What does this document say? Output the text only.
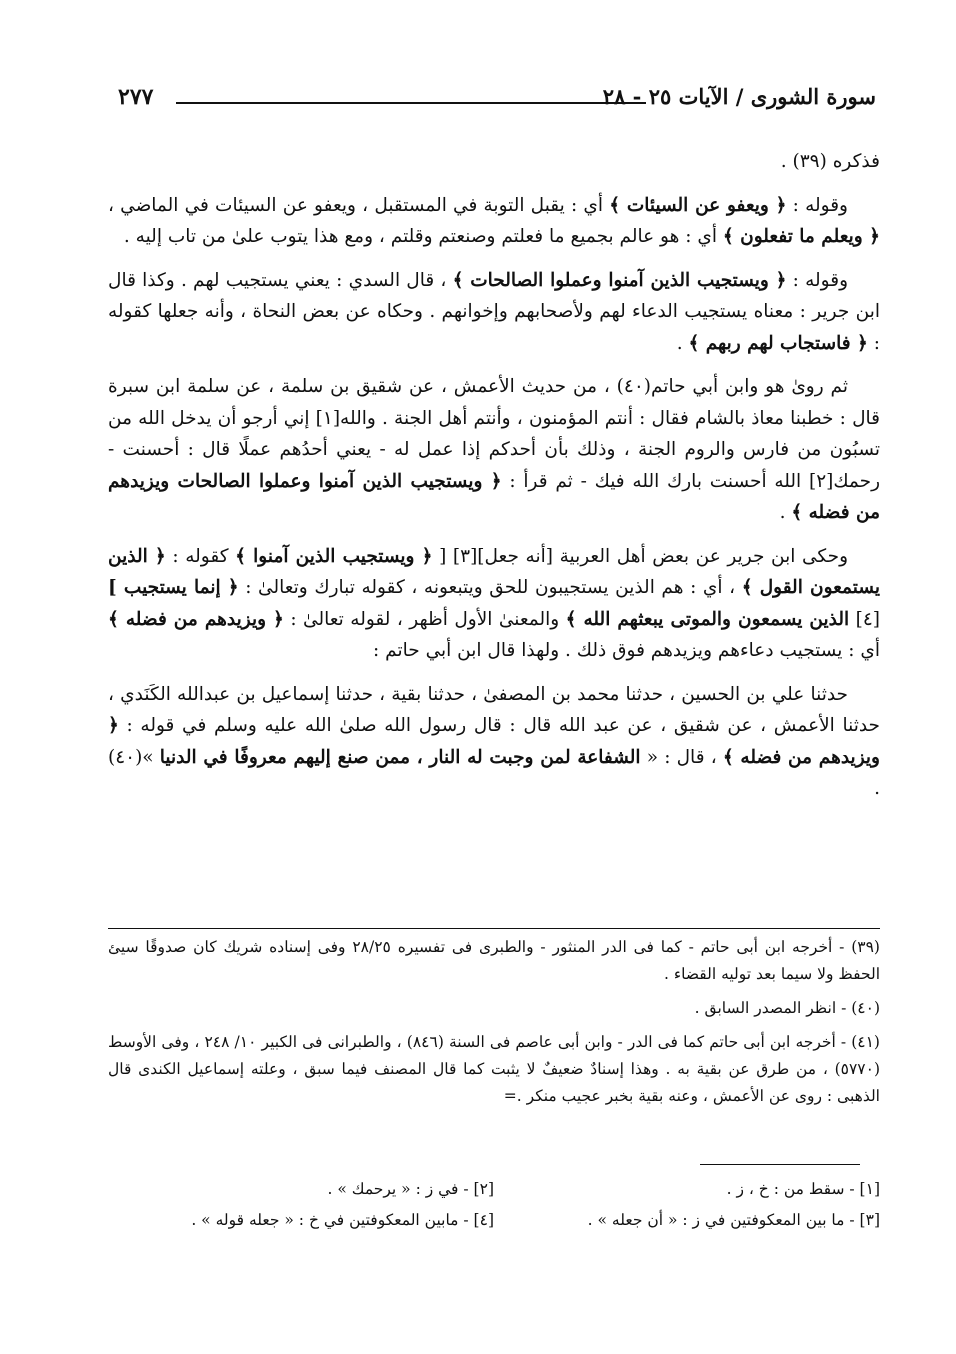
٢٧٧	سورة الشورى / الآيات ٢٥ - ٢٨

فذكره (٣٩) .

وقوله : ﴿ ويعفو عن السيئات ﴾ أي : يقبل التوبة في المستقبل ، ويعفو عن السيئات في الماضي ، ﴿ ويعلم ما تفعلون ﴾ أي : هو عالم بجميع ما فعلتم وصنعتم وقلتم ، ومع هذا يتوب علىٰ من تاب إليه .

وقوله : ﴿ ويستجيب الذين آمنوا وعملوا الصالحات ﴾ ، قال السدي : يعني يستجيب لهم . وكذا قال ابن جرير : معناه يستجيب الدعاء لهم ولأصحابهم وإخوانهم . وحكاه عن بعض النحاة ، وأنه جعلها كقوله : ﴿ فاستجاب لهم ربهم ﴾ .

ثم روىٰ هو وابن أبي حاتم(٤٠) ، من حديث الأعمش ، عن شقيق بن سلمة ، عن سلمة ابن سبرة قال : خطبنا معاذ بالشام فقال : أنتم المؤمنون ، وأنتم أهل الجنة . والله[١] إني أرجو أن يدخل الله من تسبُون من فارس والروم الجنة ، وذلك بأن أحدكم إذا عمل له - يعني أحدُهم عملًا قال : أحسنت - رحمك[٢] الله أحسنت بارك الله فيك - ثم قرأ : ﴿ ويستجيب الذين آمنوا وعملوا الصالحات ويزيدهم من فضله ﴾ .

وحكى ابن جرير عن بعض أهل العربية [أنه جعل][٣] [ ﴿ ويستجيب الذين آمنوا ﴾ كقوله : ﴿ الذين يستمعون القول ﴾ ، أي : هم الذين يستجيبون للحق ويتبعونه ، كقوله تبارك وتعالىٰ : ﴿ إنما يستجيب ][٤] الذين يسمعون والموتى يبعثهم الله ﴾ والمعنىٰ الأول أظهر ، لقوله تعالىٰ : ﴿ ويزيدهم من فضله ﴾ أي : يستجيب دعاءهم ويزيدهم فوق ذلك . ولهذا قال ابن أبي حاتم :

حدثنا علي بن الحسين ، حدثنا محمد بن المصفىٰ ، حدثنا بقية ، حدثنا إسماعيل بن عبدالله الكَنَدي ، حدثنا الأعمش ، عن شقيق ، عن عبد الله قال : قال رسول الله صلىٰ الله عليه وسلم في قوله : ﴿ ويزيدهم من فضله ﴾ ، قال : « الشفاعة لمن وجبت له النار ، ممن صنع إليهم معروفًا في الدنيا »(٤٠) .

(٣٩) - أخرجه ابن أبى حاتم - كما فى الدر المنثور - والطبرى فى تفسيره ٢٨/٢٥ وفى إسناده شريك كان صدوقًا سيئ الحفظ ولا سيما بعد توليه القضاء .

(٤٠) - انظر المصدر السابق .

(٤١) - أخرجه ابن أبى حاتم كما فى الدر - وابن أبى عاصم فى السنة (٨٤٦) ، والطبرانى فى الكبير ١٠/ ٢٤٨ ، وفى الأوسط (٥٧٧٠) ، من طرق عن بقية به . وهذا إسنادٌ ضعيفٌ لا يثبت كما قال المصنف فيما سبق ، وعلته إسماعيل الكندى قال الذهبى : روى عن الأعمش ، وعنه بقية بخبر عجيب منكر .=

[١] - سقط من : خ ، ز .
[٢] - في ز : « يرحمك » .
[٣] - ما بين المعكوفتين في ز : « أن جعله » .
[٤] - مابين المعكوفتين في خ : « جعله قوله » .
